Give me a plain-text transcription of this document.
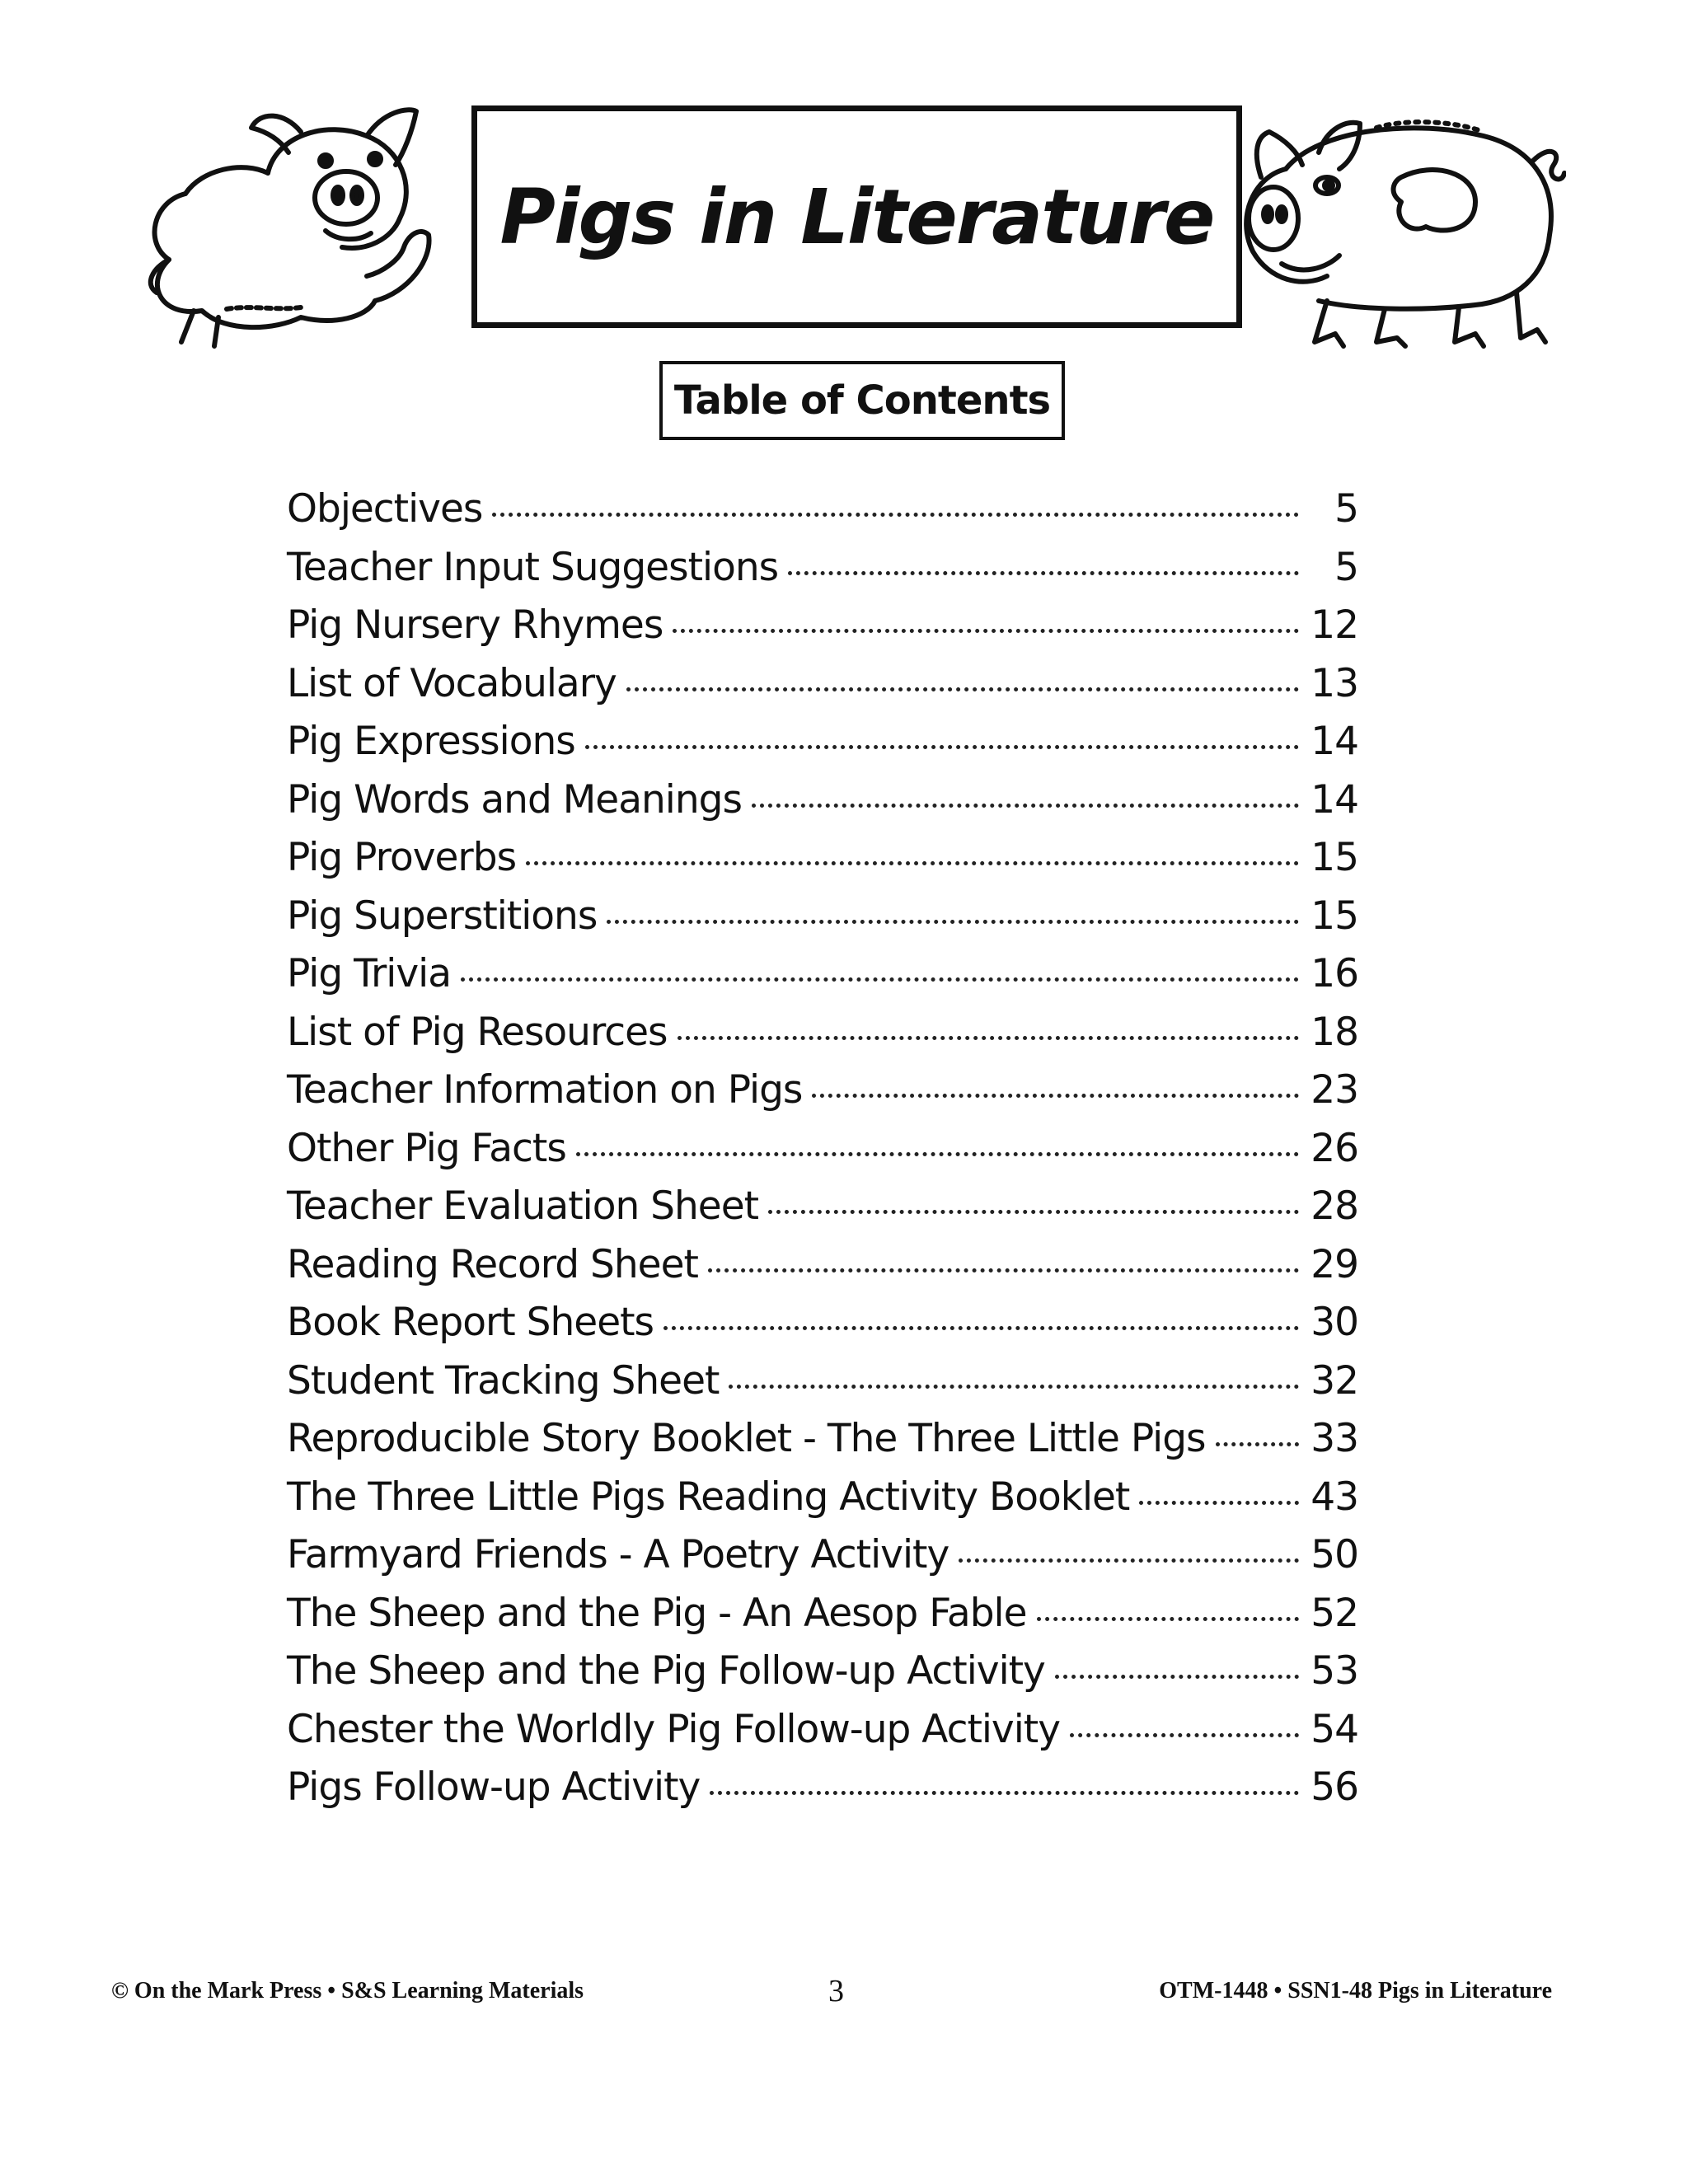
Pigs in Literature
Table of Contents
Objectives	5
Teacher Input Suggestions	5
Pig Nursery Rhymes	12
List of Vocabulary	13
Pig Expressions	14
Pig Words and Meanings	14
Pig Proverbs	15
Pig Superstitions	15
Pig Trivia	16
List of Pig Resources	18
Teacher Information on Pigs	23
Other Pig Facts	26
Teacher Evaluation Sheet	28
Reading Record Sheet	29
Book Report Sheets	30
Student Tracking Sheet	32
Reproducible Story Booklet - The Three Little Pigs	33
The Three Little Pigs Reading Activity Booklet	43
Farmyard Friends - A Poetry Activity	50
The Sheep and the Pig - An Aesop Fable	52
The Sheep and the Pig Follow-up Activity	53
Chester the Worldly Pig Follow-up Activity	54
Pigs Follow-up Activity	56
© On the Mark Press • S&S Learning Materials	3	OTM-1448 • SSN1-48 Pigs in Literature
